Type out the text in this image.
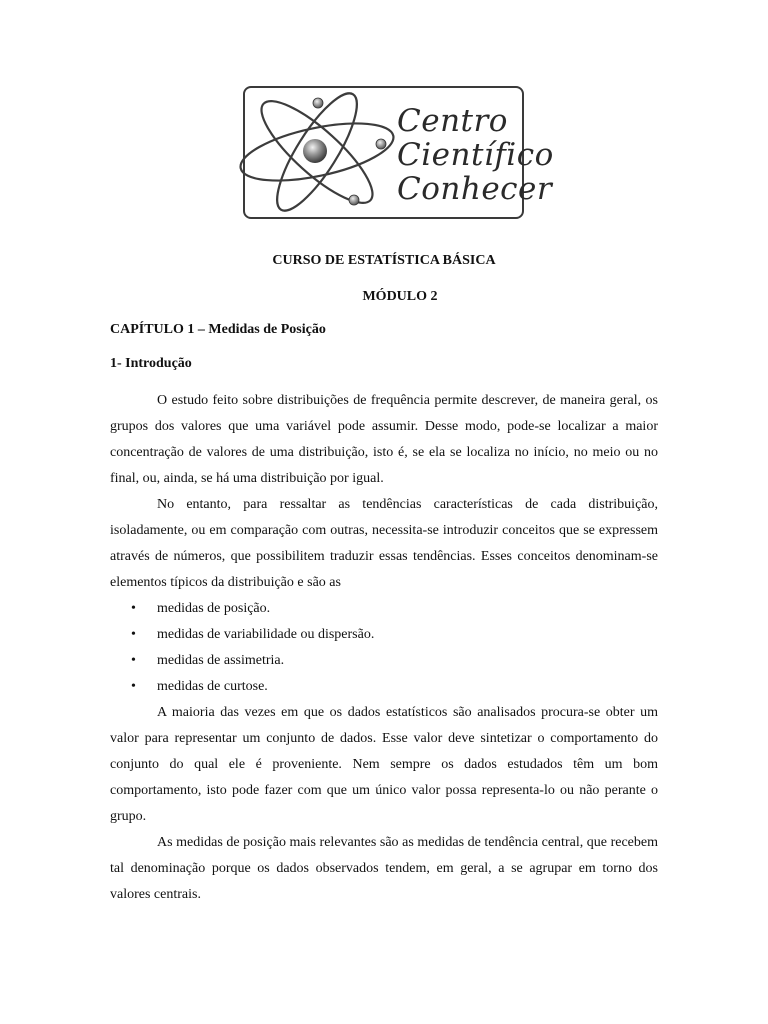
Centro
Científico
Conhecer
CURSO DE ESTATÍSTICA BÁSICA
MÓDULO 2
CAPÍTULO 1 – Medidas de Posição
1- Introdução

O estudo feito sobre distribuições de frequência permite descrever, de maneira geral, os grupos dos valores que uma variável pode assumir. Desse modo, pode-se localizar a maior concentração de valores de uma distribuição, isto é, se ela se localiza no início, no meio ou no final, ou, ainda, se há uma distribuição por igual.

No entanto, para ressaltar as tendências características de cada distribuição, isoladamente, ou em comparação com outras, necessita-se introduzir conceitos que se expressem através de números, que possibilitem traduzir essas tendências. Esses conceitos denominam-se elementos típicos da distribuição e são as

• medidas de posição.
• medidas de variabilidade ou dispersão.
• medidas de assimetria.
• medidas de curtose.

A maioria das vezes em que os dados estatísticos são analisados procura-se obter um valor para representar um conjunto de dados. Esse valor deve sintetizar o comportamento do conjunto do qual ele é proveniente. Nem sempre os dados estudados têm um bom comportamento, isto pode fazer com que um único valor possa representa-lo ou não perante o grupo.

As medidas de posição mais relevantes são as medidas de tendência central, que recebem tal denominação porque os dados observados tendem, em geral, a se agrupar em torno dos valores centrais.
